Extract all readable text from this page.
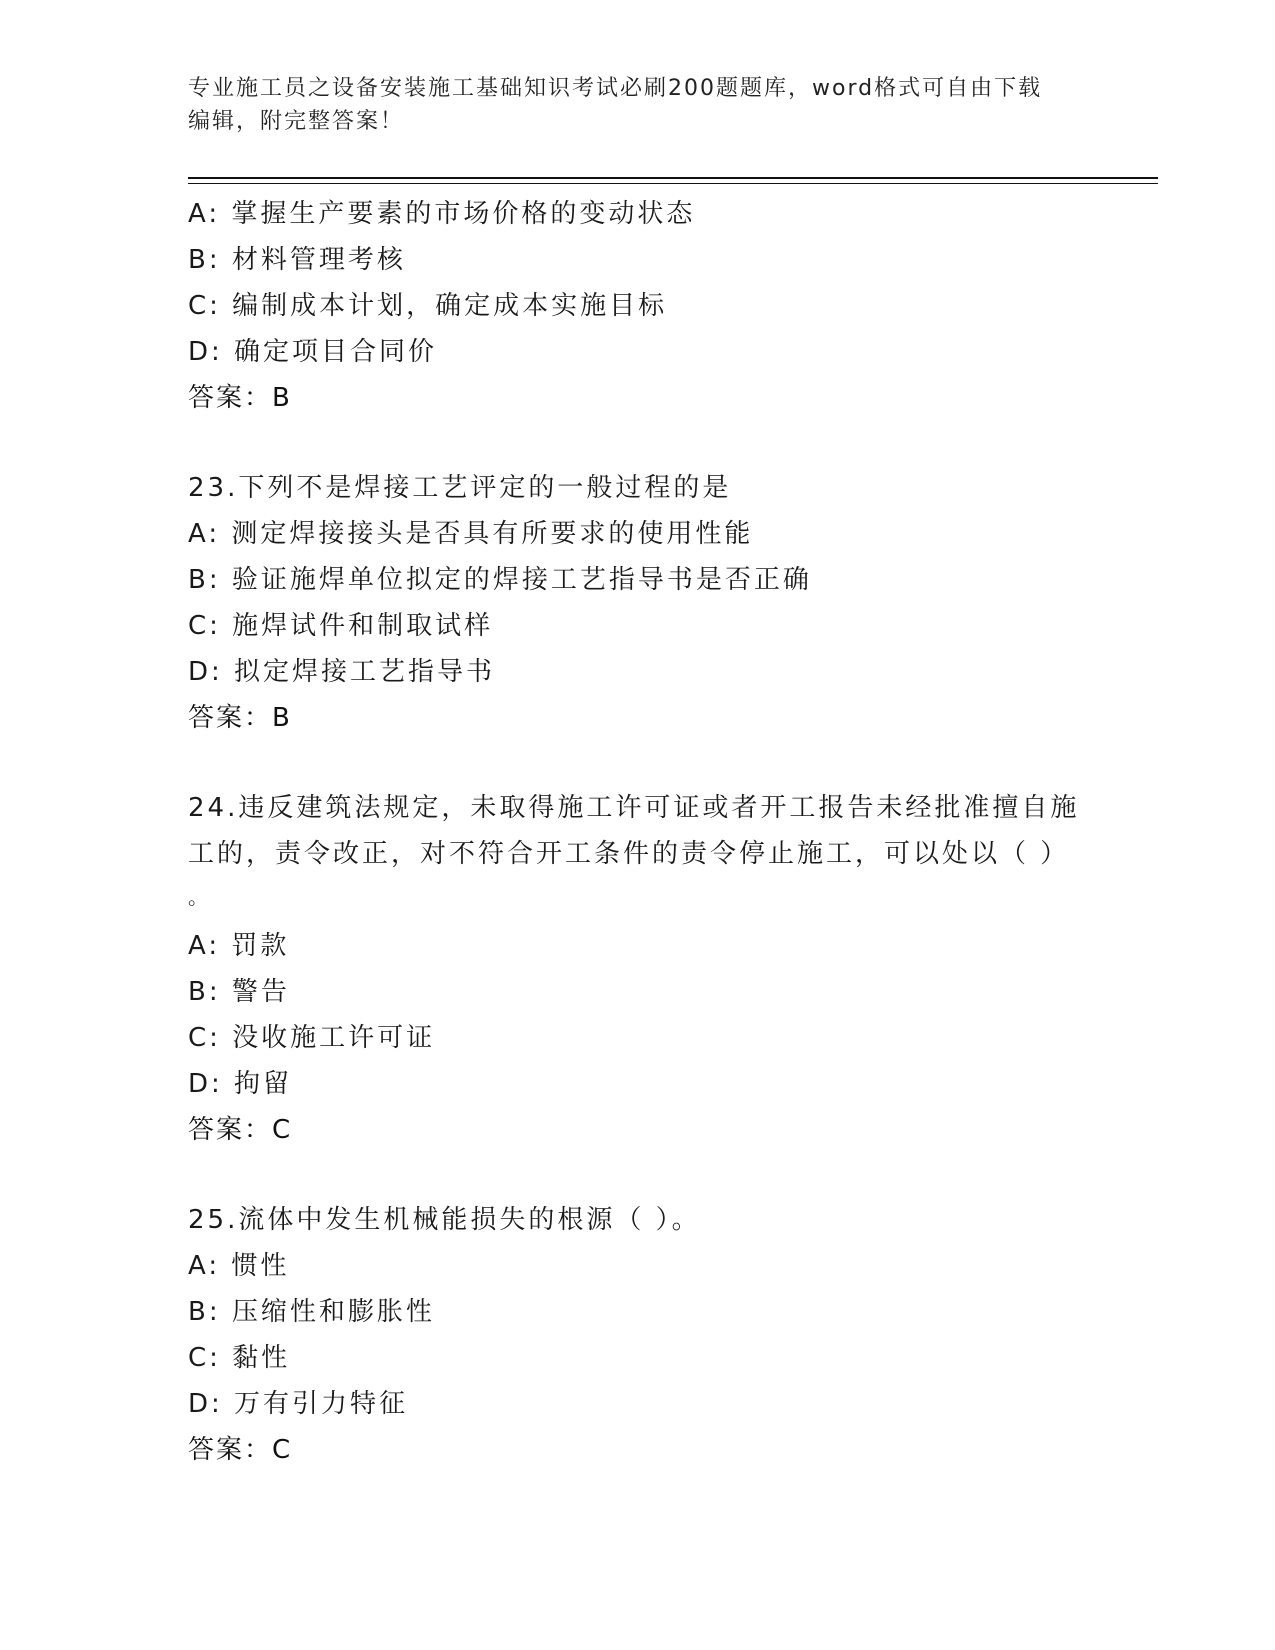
专业施工员之设备安装施工基础知识考试必刷200题题库，word格式可自由下载
编辑，附完整答案！
A: 掌握生产要素的市场价格的变动状态
B: 材料管理考核
C: 编制成本计划，确定成本实施目标
D: 确定项目合同价
答案：B
23.下列不是焊接工艺评定的一般过程的是
A: 测定焊接接头是否具有所要求的使用性能
B: 验证施焊单位拟定的焊接工艺指导书是否正确
C: 施焊试件和制取试样
D: 拟定焊接工艺指导书
答案：B
24.违反建筑法规定，未取得施工许可证或者开工报告未经批准擅自施
工的，责令改正，对不符合开工条件的责令停止施工，可以处以（ ）
。
A: 罚款
B: 警告
C: 没收施工许可证
D: 拘留
答案：C
25.流体中发生机械能损失的根源（ ）。
A: 惯性
B: 压缩性和膨胀性
C: 黏性
D: 万有引力特征
答案：C
